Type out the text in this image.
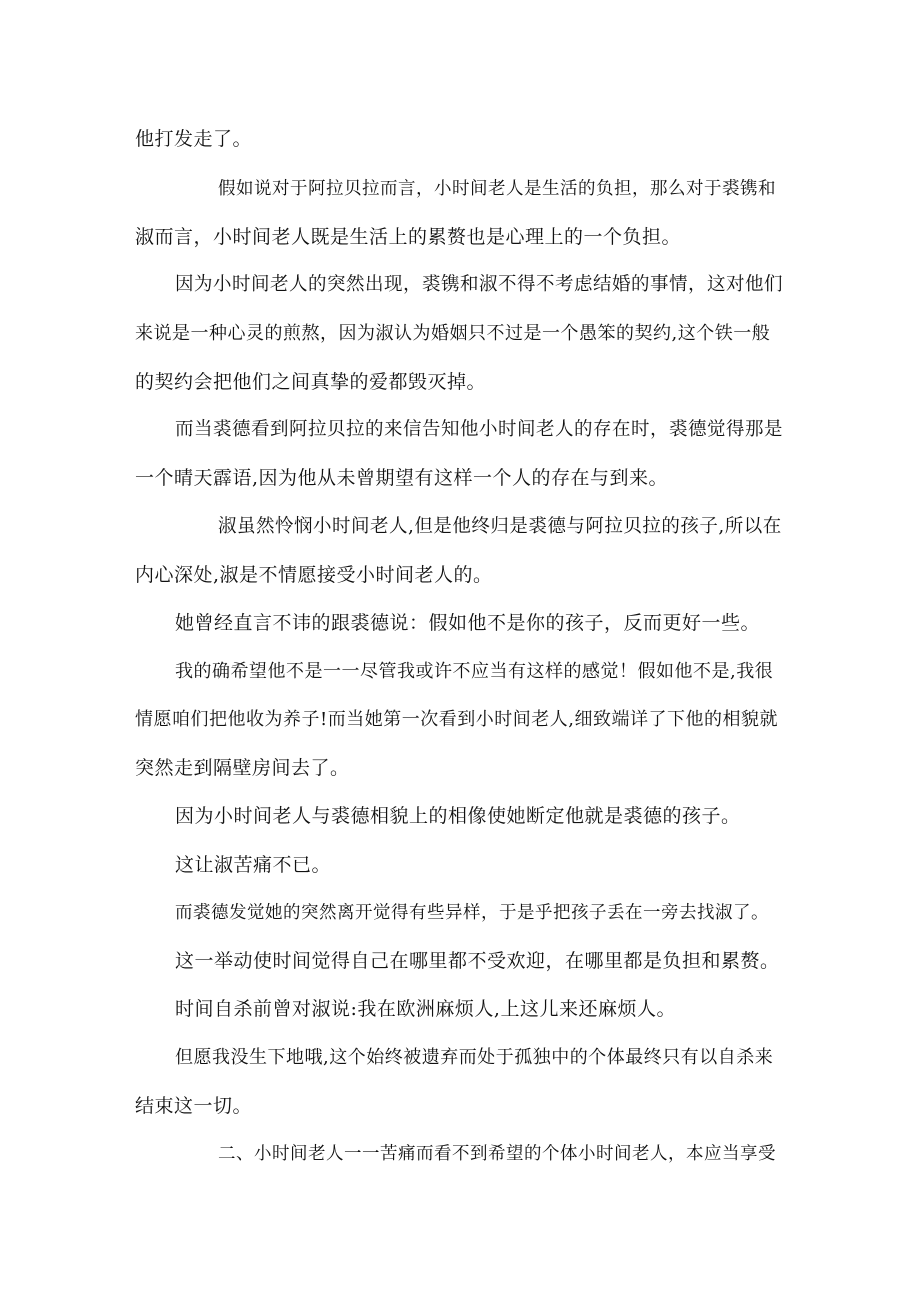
他打发走了。
假如说对于阿拉贝拉而言，小时间老人是生活的负担，那么对于裘镌和
淑而言，小时间老人既是生活上的累赘也是心理上的一个负担。
因为小时间老人的突然出现，裘镌和淑不得不考虑结婚的事情，这对他们
来说是一种心灵的煎熬，因为淑认为婚姻只不过是一个愚笨的契约,这个铁一般
的契约会把他们之间真挚的爱都毁灭掉。
而当裘德看到阿拉贝拉的来信告知他小时间老人的存在时，裘德觉得那是
一个晴天霹语,因为他从未曾期望有这样一个人的存在与到来。
淑虽然怜悯小时间老人,但是他终归是裘德与阿拉贝拉的孩子,所以在
内心深处,淑是不情愿接受小时间老人的。
她曾经直言不讳的跟裘德说：假如他不是你的孩子，反而更好一些。
我的确希望他不是一一尽管我或许不应当有这样的感觉！假如他不是,我很
情愿咱们把他收为养子!而当她第一次看到小时间老人,细致端详了下他的相貌就
突然走到隔壁房间去了。
因为小时间老人与裘德相貌上的相像使她断定他就是裘德的孩子。
这让淑苦痛不已。
而裘德发觉她的突然离开觉得有些异样，于是乎把孩子丢在一旁去找淑了。
这一举动使时间觉得自己在哪里都不受欢迎，在哪里都是负担和累赘。
时间自杀前曾对淑说:我在欧洲麻烦人,上这儿来还麻烦人。
但愿我没生下地哦,这个始终被遗弃而处于孤独中的个体最终只有以自杀来
结束这一切。
二、小时间老人一一苦痛而看不到希望的个体小时间老人，本应当享受
